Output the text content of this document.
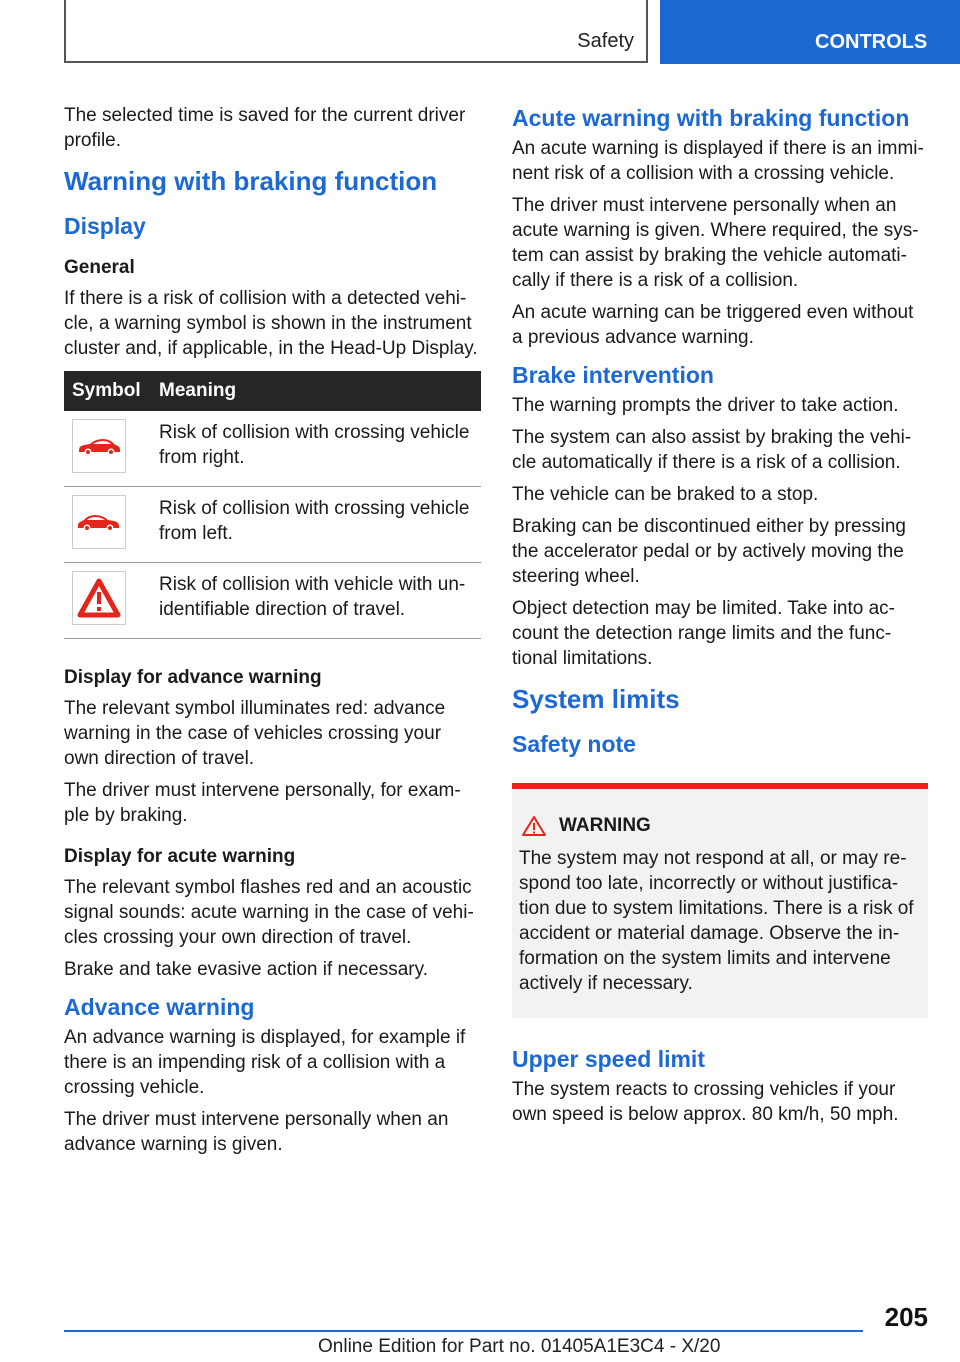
Safety	CONTROLS

The selected time is saved for the current driver profile.

Warning with braking function
Display
General

If there is a risk of collision with a detected vehi-cle, a warning symbol is shown in the instrument cluster and, if applicable, in the Head-Up Display.

Symbol	Meaning

	Risk of collision with crossing vehicle from right.

	Risk of collision with crossing vehicle from left.

	Risk of collision with vehicle with un-identifiable direction of travel.
Display for advance warning

The relevant symbol illuminates red: advance warning in the case of vehicles crossing your own direction of travel.

The driver must intervene personally, for exam-ple by braking.

Display for acute warning

The relevant symbol flashes red and an acoustic signal sounds: acute warning in the case of vehi-cles crossing your own direction of travel.

Brake and take evasive action if necessary.

Advance warning

An advance warning is displayed, for example if there is an impending risk of a collision with a crossing vehicle.

The driver must intervene personally when an advance warning is given.

Acute warning with braking function

An acute warning is displayed if there is an immi-nent risk of a collision with a crossing vehicle.

The driver must intervene personally when an acute warning is given. Where required, the sys-tem can assist by braking the vehicle automati-cally if there is a risk of a collision.

An acute warning can be triggered even without a previous advance warning.

Brake intervention

The warning prompts the driver to take action.

The system can also assist by braking the vehi-cle automatically if there is a risk of a collision.

The vehicle can be braked to a stop.

Braking can be discontinued either by pressing the accelerator pedal or by actively moving the steering wheel.

Object detection may be limited. Take into ac-count the detection range limits and the func-tional limitations.

System limits
Safety note
WARNING

The system may not respond at all, or may re-spond too late, incorrectly or without justifica-tion due to system limitations. There is a risk of accident or material damage. Observe the in-formation on the system limits and intervene actively if necessary.

Upper speed limit

The system reacts to crossing vehicles if your own speed is below approx. 80 km/h, 50 mph.

205
Online Edition for Part no. 01405A1E3C4 - X/20
